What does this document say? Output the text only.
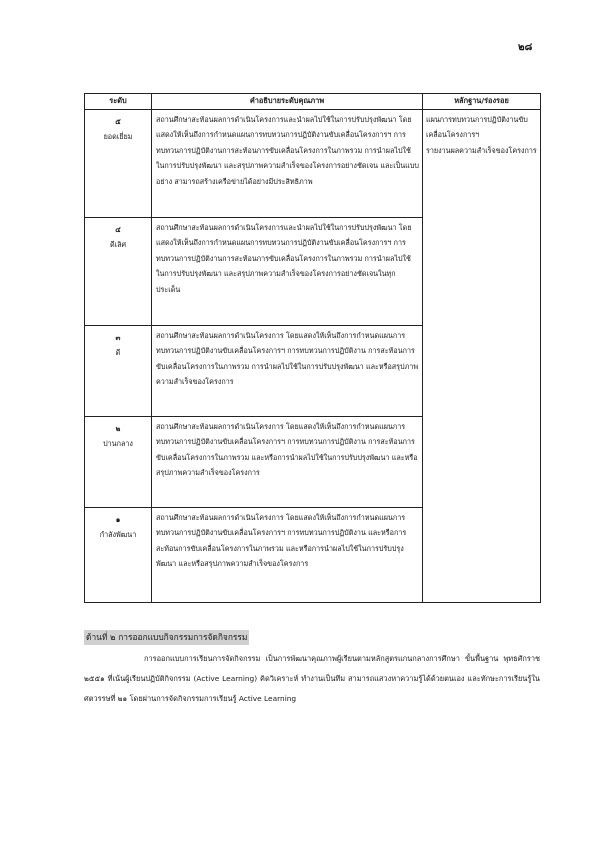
๒๘
ระดับ	คำอธิบายระดับคุณภาพ	หลักฐาน/ร่องรอย

๕
ยอดเยี่ยม	สถานศึกษาสะท้อนผลการดำเนินโครงการและนำผลไปใช้ในการปรับปรุงพัฒนา โดยแสดงให้เห็นถึงการกำหนดแผนการทบทวนการปฏิบัติงานขับเคลื่อนโครงการฯ การทบทวนการปฏิบัติงานการสะท้อนการขับเคลื่อนโครงการในภาพรวม การนำผลไปใช้ในการปรับปรุงพัฒนา และสรุปภาพความสำเร็จของโครงการอย่างชัดเจน และเป็นแบบอย่าง สามารถสร้างเครือข่ายได้อย่างมีประสิทธิภาพ	แผนการทบทวนการปฏิบัติงานขับเคลื่อนโครงการฯ
รายงานผลความสำเร็จของโครงการ

๔
ดีเลิศ	สถานศึกษาสะท้อนผลการดำเนินโครงการและนำผลไปใช้ในการปรับปรุงพัฒนา โดยแสดงให้เห็นถึงการกำหนดแผนการทบทวนการปฏิบัติงานขับเคลื่อนโครงการฯ การทบทวนการปฏิบัติงานการสะท้อนการขับเคลื่อนโครงการในภาพรวม การนำผลไปใช้ในการปรับปรุงพัฒนา และสรุปภาพความสำเร็จของโครงการอย่างชัดเจนในทุกประเด็น	

๓
ดี	สถานศึกษาสะท้อนผลการดำเนินโครงการ โดยแสดงให้เห็นถึงการกำหนดแผนการทบทวนการปฏิบัติงานขับเคลื่อนโครงการฯ การทบทวนการปฏิบัติงาน การสะท้อนการขับเคลื่อนโครงการในภาพรวม การนำผลไปใช้ในการปรับปรุงพัฒนา และหรือสรุปภาพความสำเร็จของโครงการ	

๒
ปานกลาง	สถานศึกษาสะท้อนผลการดำเนินโครงการ โดยแสดงให้เห็นถึงการกำหนดแผนการทบทวนการปฏิบัติงานขับเคลื่อนโครงการฯ การทบทวนการปฏิบัติงาน การสะท้อนการขับเคลื่อนโครงการในภาพรวม และหรือการนำผลไปใช้ในการปรับปรุงพัฒนา และหรือสรุปภาพความสำเร็จของโครงการ	

๑
กำลังพัฒนา	สถานศึกษาสะท้อนผลการดำเนินโครงการ โดยแสดงให้เห็นถึงการกำหนดแผนการทบทวนการปฏิบัติงานขับเคลื่อนโครงการฯ การทบทวนการปฏิบัติงาน และหรือการสะท้อนการขับเคลื่อนโครงการในภาพรวม และหรือการนำผลไปใช้ในการปรับปรุงพัฒนา และหรือสรุปภาพความสำเร็จของโครงการ	
ด้านที่ ๒ การออกแบบกิจกรรมการจัดกิจกรรม
การออกแบบการเรียนการจัดกิจกรรม เป็นการพัฒนาคุณภาพผู้เรียนตามหลักสูตรแกนกลางการศึกษา ขั้นพื้นฐาน พุทธศักราช ๒๕๕๑ ที่เน้นผู้เรียนปฏิบัติกิจกรรม (Active Learning) คิดวิเคราะห์ ทำงานเป็นทีม สามารถแสวงหาความรู้ได้ด้วยตนเอง และทักษะการเรียนรู้ในศตวรรษที่ ๒๑ โดยผ่านการจัดกิจกรรมการเรียนรู้ Active Learning
